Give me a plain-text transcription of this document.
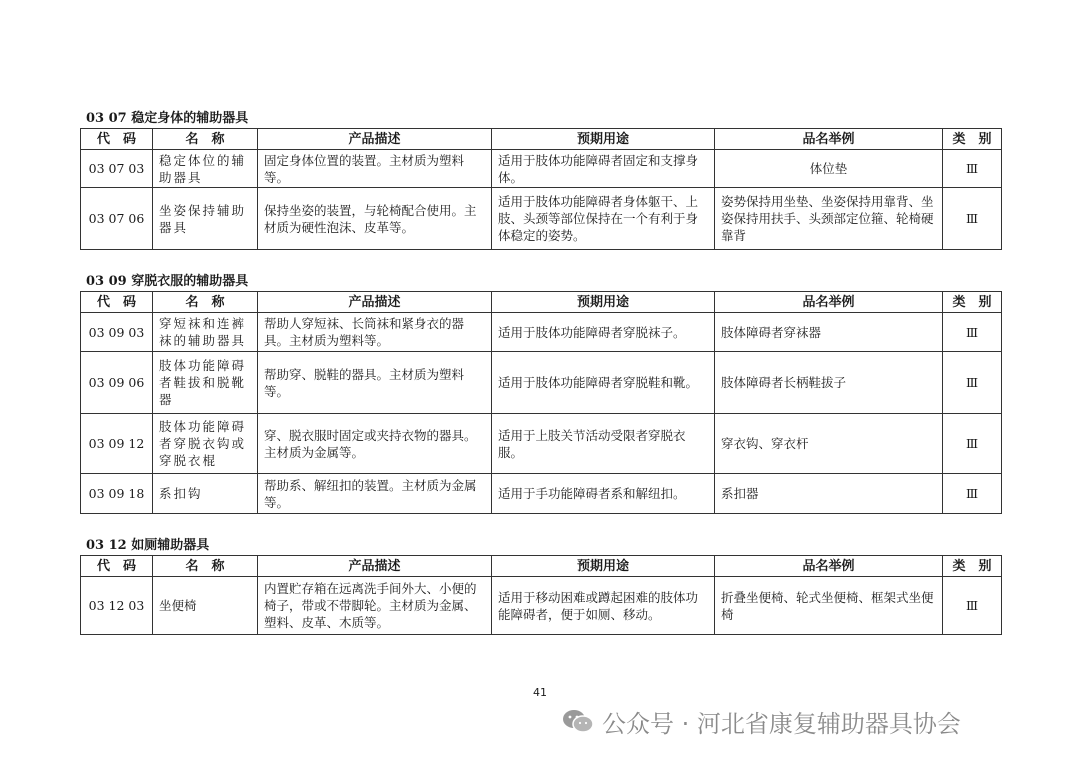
03 07 稳定身体的辅助器具
代　码	名　称	产品描述	预期用途	品名举例	类　别
03 07 03	稳定体位的辅助器具	固定身体位置的装置。主材质为塑料等。	适用于肢体功能障碍者固定和支撑身体。	体位垫	Ⅲ
03 07 06	坐姿保持辅助器具	保持坐姿的装置，与轮椅配合使用。主材质为硬性泡沫、皮革等。	适用于肢体功能障碍者身体躯干、上肢、头颈等部位保持在一个有利于身体稳定的姿势。	姿势保持用坐垫、坐姿保持用靠背、坐姿保持用扶手、头颈部定位箍、轮椅硬靠背	Ⅲ
03 09 穿脱衣服的辅助器具
代　码	名　称	产品描述	预期用途	品名举例	类　别
03 09 03	穿短袜和连裤袜的辅助器具	帮助人穿短袜、长筒袜和紧身衣的器具。主材质为塑料等。	适用于肢体功能障碍者穿脱袜子。	肢体障碍者穿袜器	Ⅲ
03 09 06	肢体功能障碍者鞋拔和脱靴器	帮助穿、脱鞋的器具。主材质为塑料等。	适用于肢体功能障碍者穿脱鞋和靴。	肢体障碍者长柄鞋拔子	Ⅲ
03 09 12	肢体功能障碍者穿脱衣钩或穿脱衣棍	穿、脱衣服时固定或夹持衣物的器具。主材质为金属等。	适用于上肢关节活动受限者穿脱衣服。	穿衣钩、穿衣杆	Ⅲ
03 09 18	系扣钩	帮助系、解纽扣的装置。主材质为金属等。	适用于手功能障碍者系和解纽扣。	系扣器	Ⅲ
03 12 如厕辅助器具
代　码	名　称	产品描述	预期用途	品名举例	类　别
03 12 03	坐便椅	内置贮存箱在远离洗手间外大、小便的椅子，带或不带脚轮。主材质为金属、塑料、皮革、木质等。	适用于移动困难或蹲起困难的肢体功能障碍者，便于如厕、移动。	折叠坐便椅、轮式坐便椅、框架式坐便椅	Ⅲ
41
公众号 · 河北省康复辅助器具协会
